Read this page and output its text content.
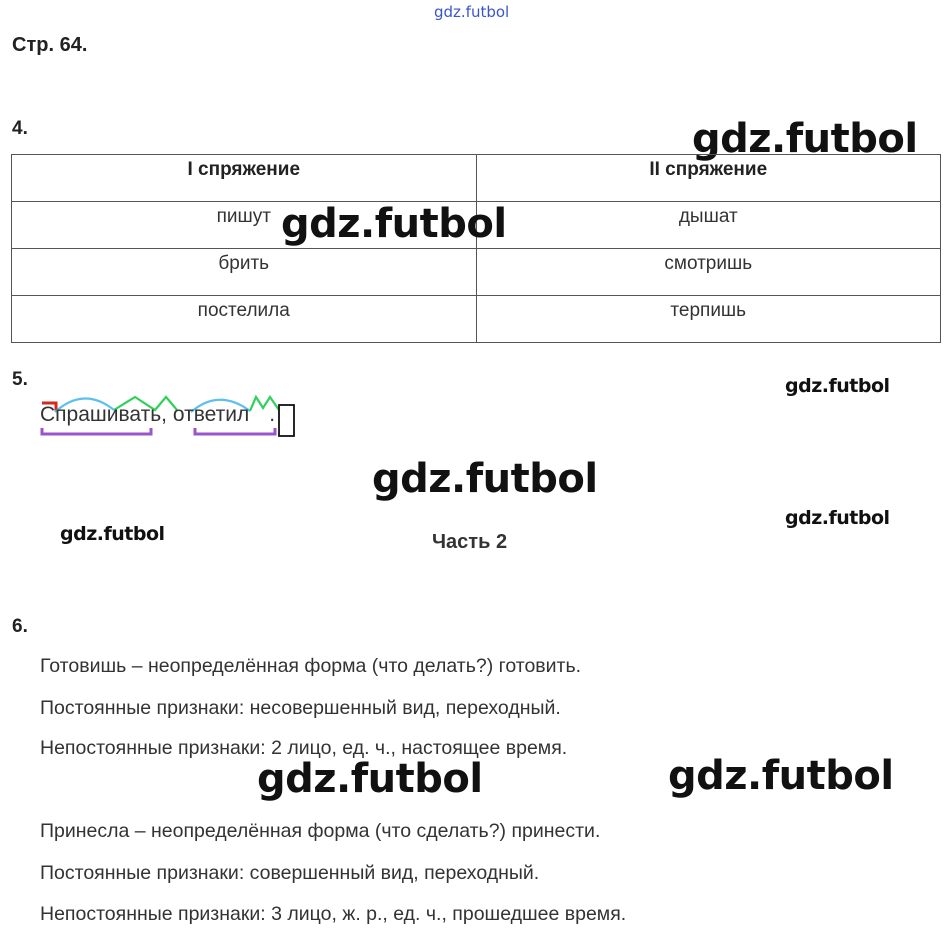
gdz.futbol
gdz.futbol
gdz.futbol
gdz.futbol
gdz.futbol
gdz.futbol
gdz.futbol
gdz.futbol	gdz.futbol
Стр. 64.
4.
I спряжение	II спряжение
пишут	дышат
брить	смотришь
постелила	терпишь
5.
Спрашивать, ответил .
Часть 2
6.
Готовишь – неопределённая форма (что делать?) готовить.
Постоянные признаки: несовершенный вид, переходный.
Непостоянные признаки: 2 лицо, ед. ч., настоящее время.
Принесла – неопределённая форма (что сделать?) принести.
Постоянные признаки: совершенный вид, переходный.
Непостоянные признаки: 3 лицо, ж. р., ед. ч., прошедшее время.
